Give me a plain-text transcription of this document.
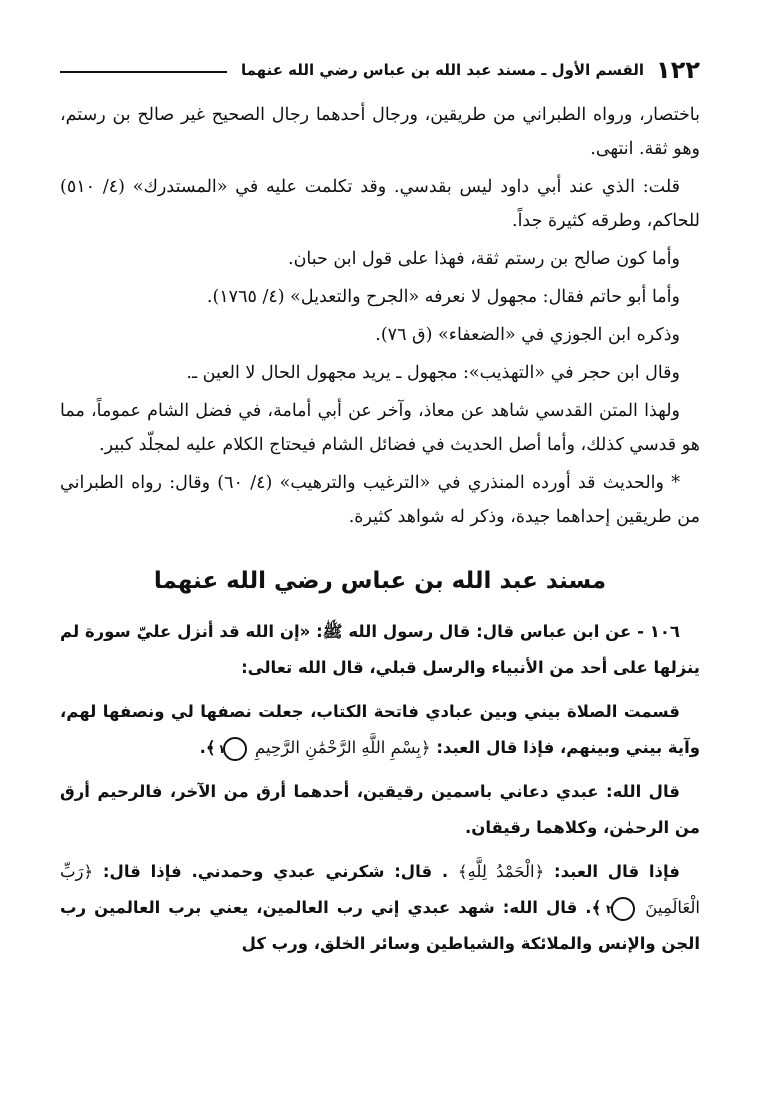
١٢٢
القسم الأول ـ مسند عبد الله بن عباس رضي الله عنهما

باختصار، ورواه الطبراني من طريقين، ورجال أحدهما رجال الصحيح غير صالح بن رستم، وهو ثقة. انتهى.

قلت: الذي عند أبي داود ليس بقدسي. وقد تكلمت عليه في «المستدرك» (٤/ ٥١٠) للحاكم، وطرقه كثيرة جداً.

وأما كون صالح بن رستم ثقة، فهذا على قول ابن حبان.

وأما أبو حاتم فقال: مجهول لا نعرفه «الجرح والتعديل» (٤/ ١٧٦٥).

وذكره ابن الجوزي في «الضعفاء» (ق ٧٦).

وقال ابن حجر في «التهذيب»: مجهول ـ يريد مجهول الحال لا العين ـ.

ولهذا المتن القدسي شاهد عن معاذ، وآخر عن أبي أمامة، في فضل الشام عموماً، مما هو قدسي كذلك، وأما أصل الحديث في فضائل الشام فيحتاج الكلام عليه لمجلّد كبير.

* والحديث قد أورده المنذري في «الترغيب والترهيب» (٤/ ٦٠) وقال: رواه الطبراني من طريقين إحداهما جيدة، وذكر له شواهد كثيرة.

مسند عبد الله بن عباس رضي الله عنهما

١٠٦ - عن ابن عباس قال: قال رسول الله ﷺ: «إن الله قد أنزل عليّ سورة لم ينزلها على أحد من الأنبياء والرسل قبلي، قال الله تعالى:

قسمت الصلاة بيني وبين عبادي فاتحة الكتاب، جعلت نصفها لي ونصفها لهم، وآية بيني وبينهم، فإذا قال العبد: ﴿بِسْمِ اللَّهِ الرَّحْمَٰنِ الرَّحِيمِ ١ ﴾.

قال الله: عبدي دعاني باسمين رقيقين، أحدهما أرق من الآخر، فالرحيم أرق من الرحمٰن، وكلاهما رقيقان.

فإذا قال العبد: ﴿الْحَمْدُ لِلَّهِ﴾ . قال: شكرني عبدي وحمدني. فإذا قال: ﴿رَبِّ الْعَالَمِينَ ٢ ﴾. قال الله: شهد عبدي إني رب العالمين، يعني برب العالمين رب الجن والإنس والملائكة والشياطين وسائر الخلق، ورب كل
